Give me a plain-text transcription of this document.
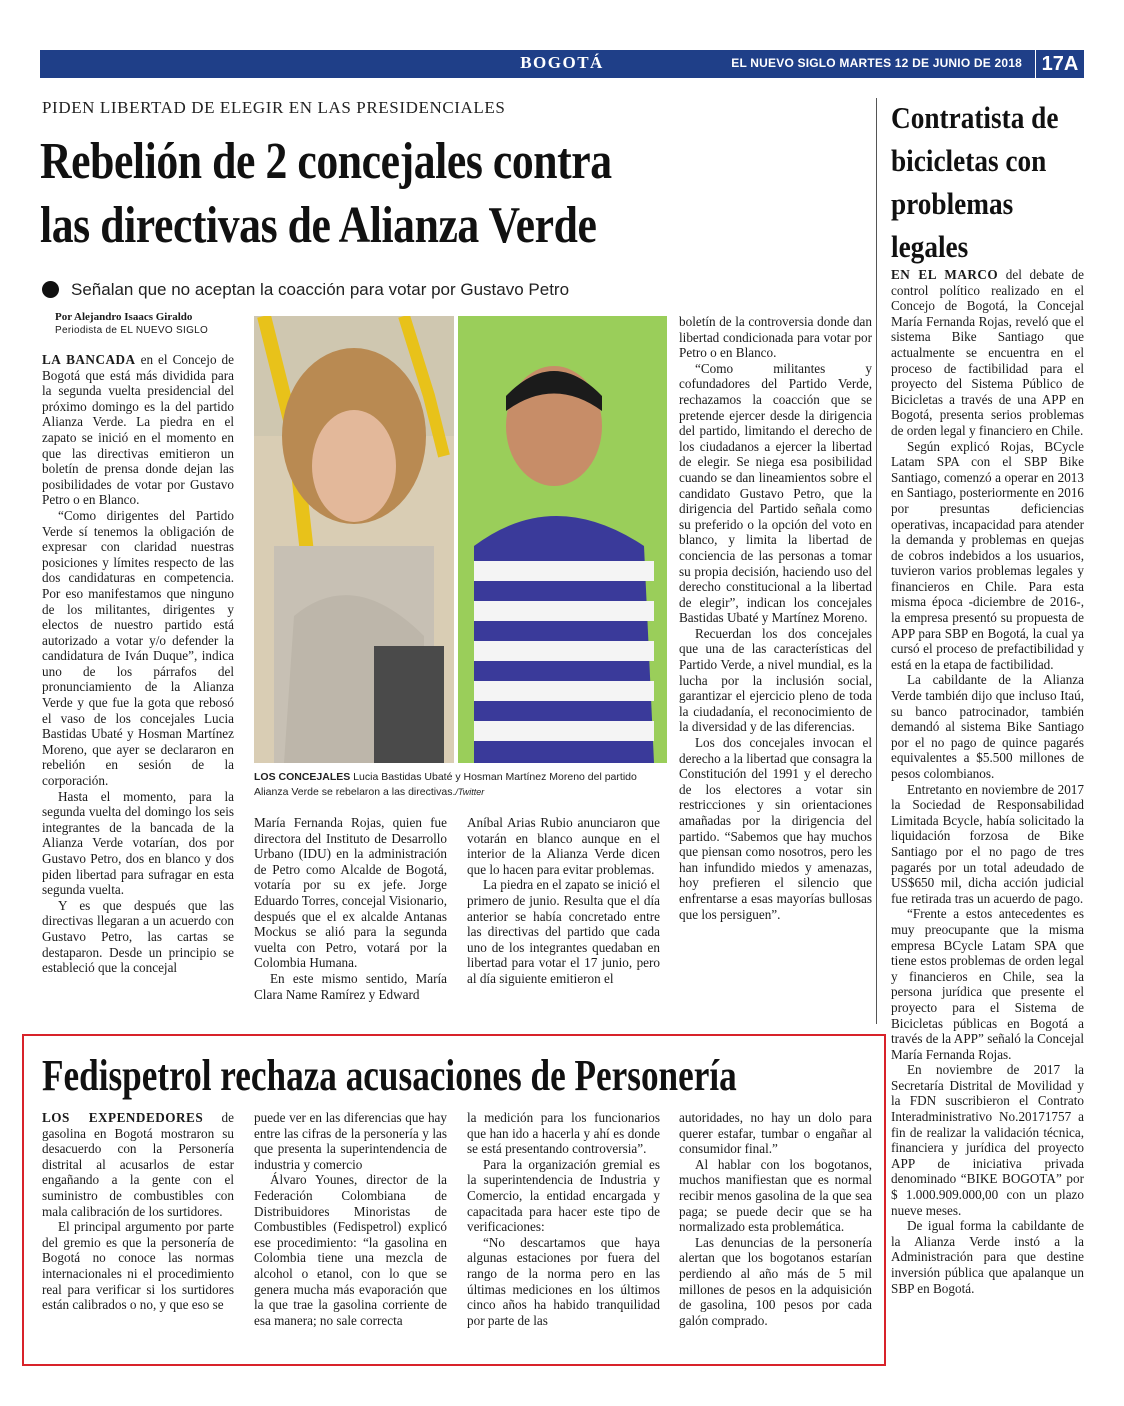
BOGOTÁ	EL NUEVO SIGLO MARTES 12 DE JUNIO DE 2018 17A
PIDEN LIBERTAD DE ELEGIR EN LAS PRESIDENCIALES
Rebelión de 2 concejales contra
las directivas de Alianza Verde
Señalan que no aceptan la coacción para votar por Gustavo Petro
Por Alejandro Isaacs Giraldo
Periodista de EL NUEVO SIGLO

LA BANCADA en el Concejo de Bogotá que está más dividida para la segunda vuelta presidencial del próximo domingo es la del partido Alianza Verde. La piedra en el zapato se inició en el momento en que las directivas emitieron un boletín de prensa donde dejan las posibilidades de votar por Gustavo Petro o en Blanco.

“Como dirigentes del Partido Verde sí tenemos la obligación de expresar con claridad nuestras posiciones y límites respecto de las dos candidaturas en competencia. Por eso manifestamos que ninguno de los militantes, dirigentes y electos de nuestro partido está autorizado a votar y/o defender la candidatura de Iván Duque”, indica uno de los párrafos del pronunciamiento de la Alianza Verde y que fue la gota que rebosó el vaso de los concejales Lucia Bastidas Ubaté y Hosman Martínez Moreno, que ayer se declararon en rebelión en sesión de la corporación.

Hasta el momento, para la segunda vuelta del domingo los seis integrantes de la bancada de la Alianza Verde votarían, dos por Gustavo Petro, dos en blanco y dos piden libertad para sufragar en esta segunda vuelta.

Y es que después que las directivas llegaran a un acuerdo con Gustavo Petro, las cartas se destaparon. Desde un principio se estableció que la concejal

LOS CONCEJALES Lucia Bastidas Ubaté y Hosman Martínez Moreno del partido Alianza Verde se rebelaron a las directivas./Twitter

María Fernanda Rojas, quien fue directora del Instituto de Desarrollo Urbano (IDU) en la administración de Petro como Alcalde de Bogotá, votaría por su ex jefe. Jorge Eduardo Torres, concejal Visionario, después que el ex alcalde Antanas Mockus se alió para la segunda vuelta con Petro, votará por la Colombia Humana.

En este mismo sentido, María Clara Name Ramírez y Edward

Aníbal Arias Rubio anunciaron que votarán en blanco aunque en el interior de la Alianza Verde dicen que lo hacen para evitar problemas.

La piedra en el zapato se inició el primero de junio. Resulta que el día anterior se había concretado entre las directivas del partido que cada uno de los integrantes quedaban en libertad para votar el 17 junio, pero al día siguiente emitieron el

boletín de la controversia donde dan libertad condicionada para votar por Petro o en Blanco.

“Como militantes y cofundadores del Partido Verde, rechazamos la coacción que se pretende ejercer desde la dirigencia del partido, limitando el derecho de los ciudadanos a ejercer la libertad de elegir. Se niega esa posibilidad cuando se dan lineamientos sobre el candidato Gustavo Petro, que la dirigencia del Partido señala como su preferido o la opción del voto en blanco, y limita la libertad de conciencia de las personas a tomar su propia decisión, haciendo uso del derecho constitucional a la libertad de elegir”, indican los concejales Bastidas Ubaté y Martínez Moreno.

Recuerdan los dos concejales que una de las características del Partido Verde, a nivel mundial, es la lucha por la inclusión social, garantizar el ejercicio pleno de toda la ciudadanía, el reconocimiento de la diversidad y de las diferencias.

Los dos concejales invocan el derecho a la libertad que consagra la Constitución del 1991 y el derecho de los electores a votar sin restricciones y sin orientaciones amañadas por la dirigencia del partido. “Sabemos que hay muchos que piensan como nosotros, pero les han infundido miedos y amenazas, hoy prefieren el silencio que enfrentarse a esas mayorías bullosas que los persiguen”.

Contratista de bicicletas con problemas legales

EN EL MARCO del debate de control político realizado en el Concejo de Bogotá, la Concejal María Fernanda Rojas, reveló que el sistema Bike Santiago que actualmente se encuentra en el proceso de factibilidad para el proyecto del Sistema Público de Bicicletas a través de una APP en Bogotá, presenta serios problemas de orden legal y financiero en Chile.

Según explicó Rojas, BCycle Latam SPA con el SBP Bike Santiago, comenzó a operar en 2013 en Santiago, posteriormente en 2016 por presuntas deficiencias operativas, incapacidad para atender la demanda y problemas en quejas de cobros indebidos a los usuarios, tuvieron varios problemas legales y financieros en Chile. Para esta misma época -diciembre de 2016-, la empresa presentó su propuesta de APP para SBP en Bogotá, la cual ya cursó el proceso de prefactibilidad y está en la etapa de factibilidad.

La cabildante de la Alianza Verde también dijo que incluso Itaú, su banco patrocinador, también demandó al sistema Bike Santiago por el no pago de quince pagarés equivalentes a $5.500 millones de pesos colombianos.

Entretanto en noviembre de 2017 la Sociedad de Responsabilidad Limitada Bcycle, había solicitado la liquidación forzosa de Bike Santiago por el no pago de tres pagarés por un total adeudado de US$650 mil, dicha acción judicial fue retirada tras un acuerdo de pago.

“Frente a estos antecedentes es muy preocupante que la misma empresa BCycle Latam SPA que tiene estos problemas de orden legal y financieros en Chile, sea la persona jurídica que presente el proyecto para el Sistema de Bicicletas públicas en Bogotá a través de la APP” señaló la Concejal María Fernanda Rojas.

En noviembre de 2017 la Secretaría Distrital de Movilidad y la FDN suscribieron el Contrato Interadministrativo No.20171757 a fin de realizar la validación técnica, financiera y jurídica del proyecto APP de iniciativa privada denominado “BIKE BOGOTA” por $ 1.000.909.000,00 con un plazo nueve meses.

De igual forma la cabildante de la Alianza Verde instó a la Administración para que destine inversión pública que apalanque un SBP en Bogotá.

Fedispetrol rechaza acusaciones de Personería

LOS EXPENDEDORES de gasolina en Bogotá mostraron su desacuerdo con la Personería distrital al acusarlos de estar engañando a la gente con el suministro de combustibles con mala calibración de los surtidores.

El principal argumento por parte del gremio es que la personería de Bogotá no conoce las normas internacionales ni el procedimiento real para verificar si los surtidores están calibrados o no, y que eso se

puede ver en las diferencias que hay entre las cifras de la personería y las que presenta la superintendencia de industria y comercio

Álvaro Younes, director de la Federación Colombiana de Distribuidores Minoristas de Combustibles (Fedispetrol) explicó ese procedimiento: “la gasolina en Colombia tiene una mezcla de alcohol o etanol, con lo que se genera mucha más evaporación que la que trae la gasolina corriente de esa manera; no sale correcta

la medición para los funcionarios que han ido a hacerla y ahí es donde se está presentando controversia”.

Para la organización gremial es la superintendencia de Industria y Comercio, la entidad encargada y capacitada para hacer este tipo de verificaciones:

“No descartamos que haya algunas estaciones por fuera del rango de la norma pero en las últimas mediciones en los últimos cinco años ha habido tranquilidad por parte de las

autoridades, no hay un dolo para querer estafar, tumbar o engañar al consumidor final.”

Al hablar con los bogotanos, muchos manifiestan que es normal recibir menos gasolina de la que sea paga; se puede decir que se ha normalizado esta problemática.

Las denuncias de la personería alertan que los bogotanos estarían perdiendo al año más de 5 mil millones de pesos en la adquisición de gasolina, 100 pesos por cada galón comprado.
